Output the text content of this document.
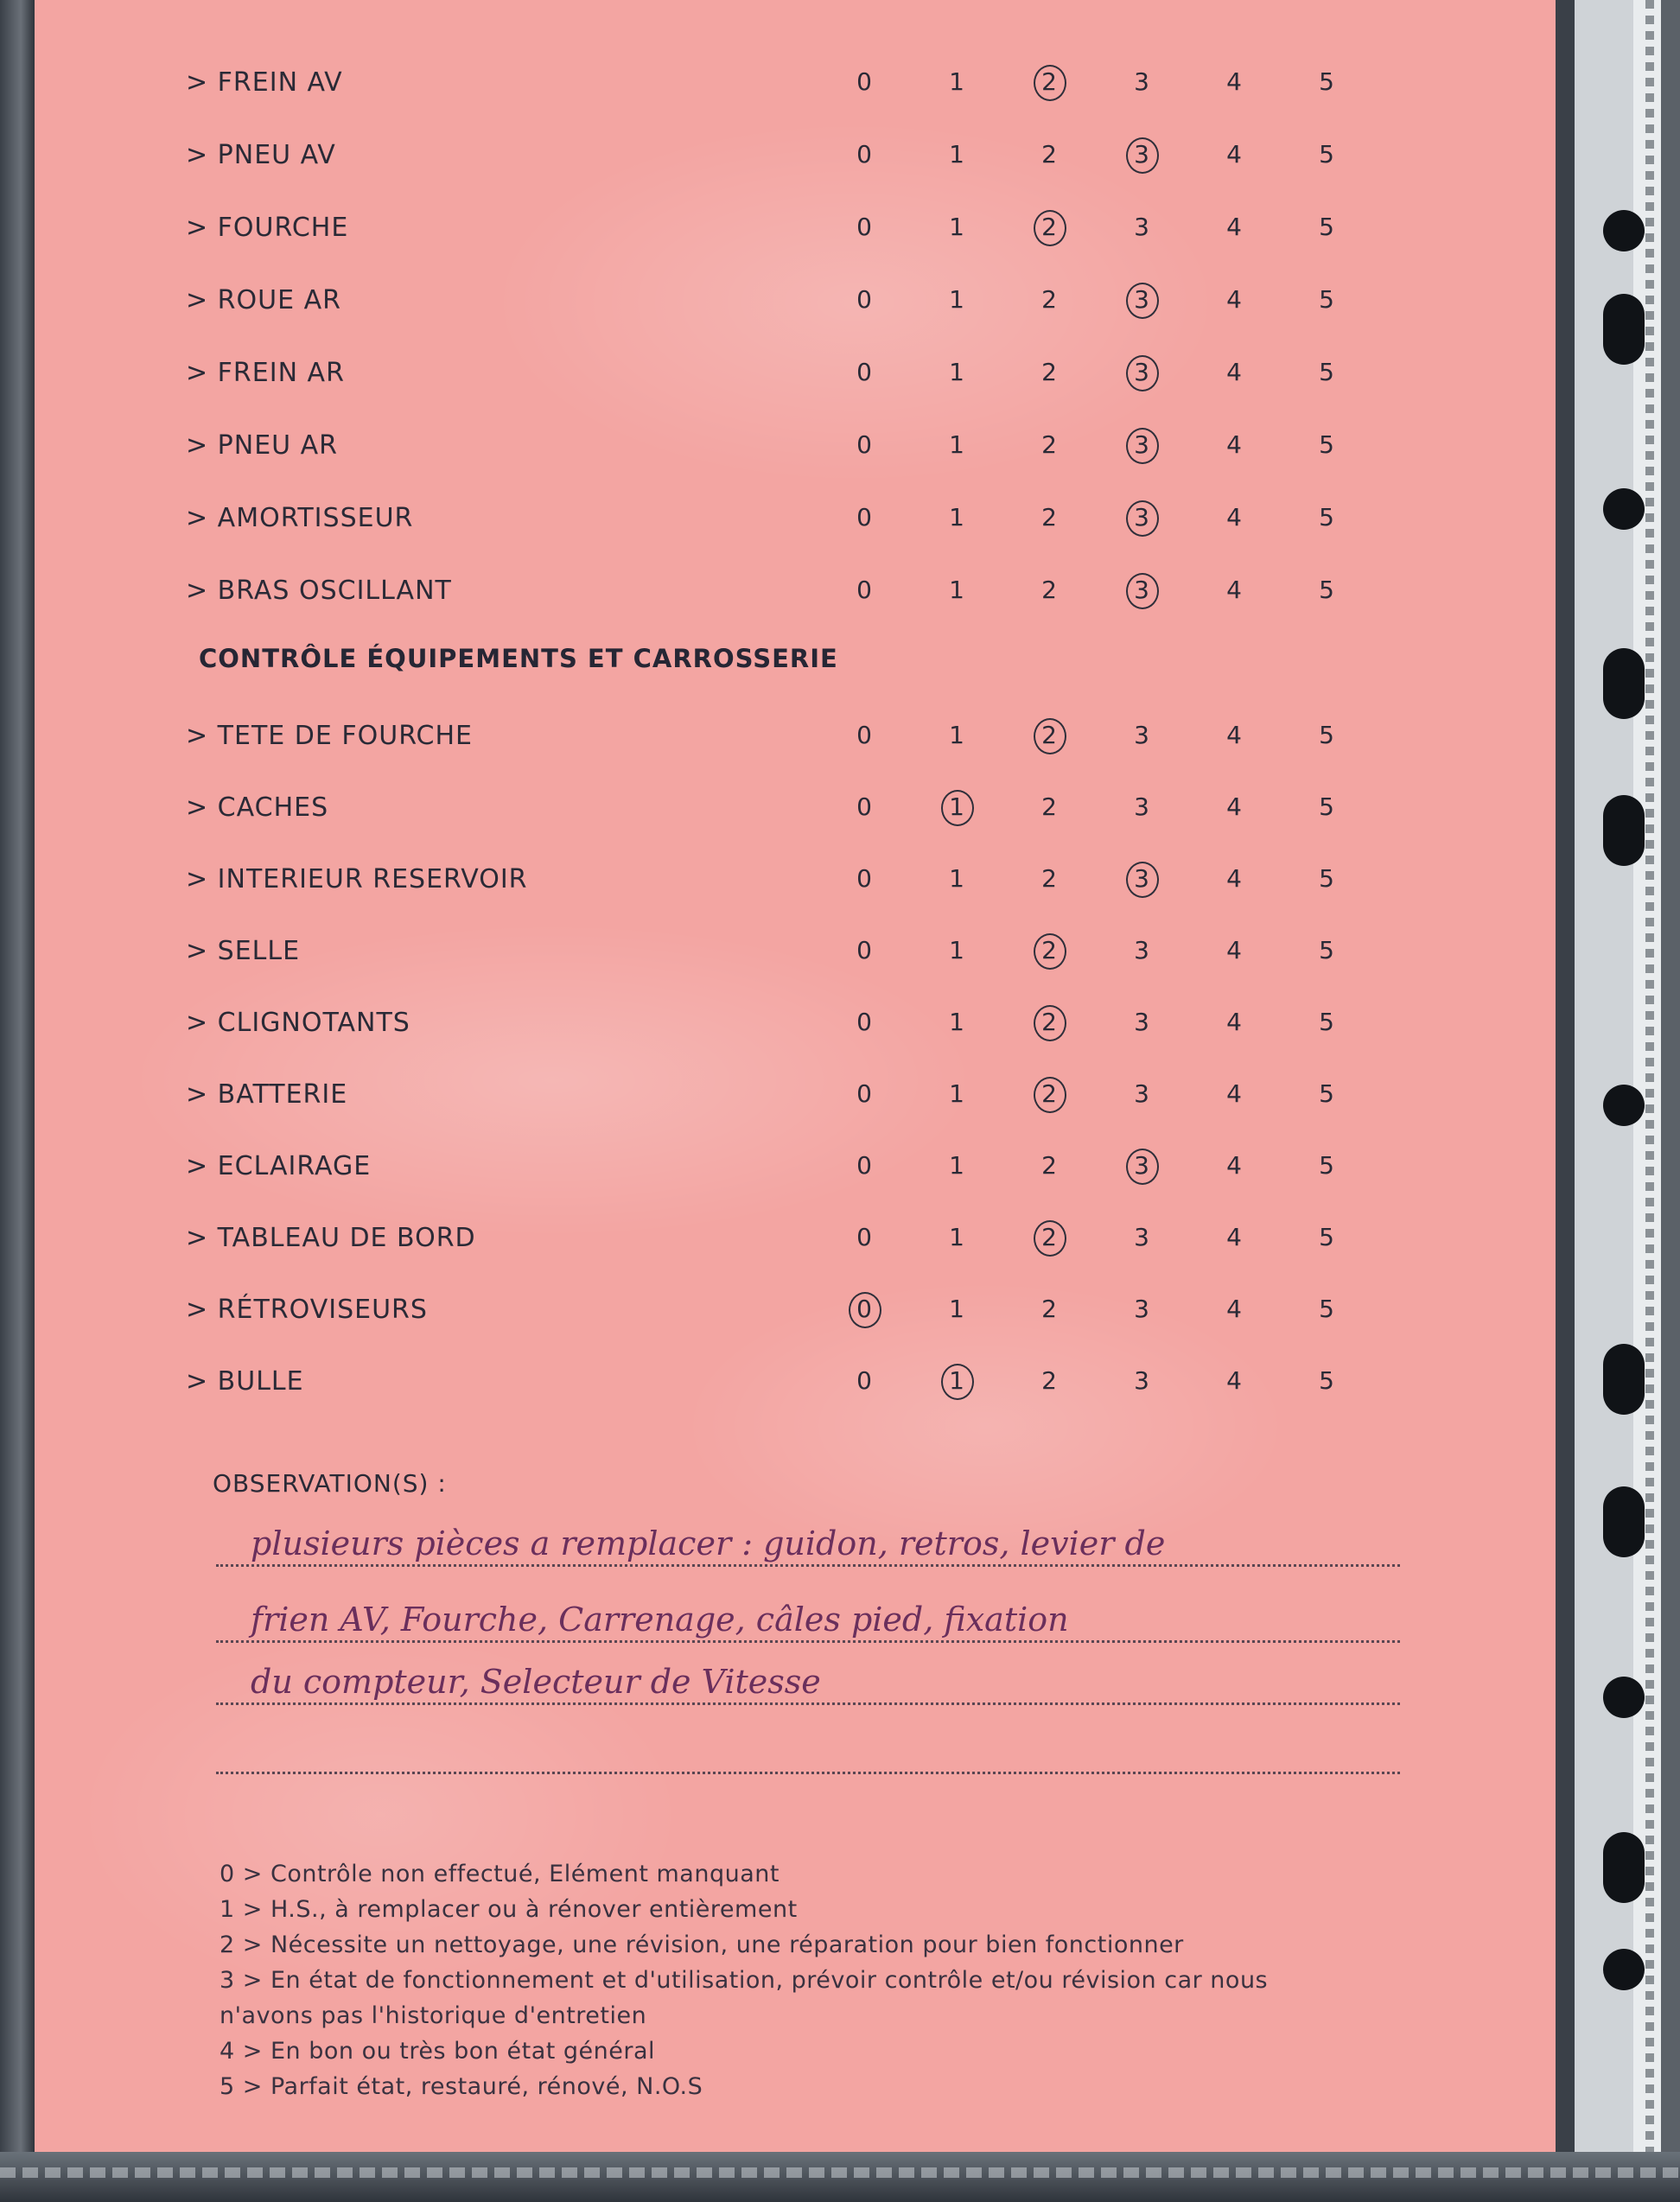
> FREIN AV	0	1	2	3	4	5
> PNEU AV	0	1	2	3	4	5
> FOURCHE	0	1	2	3	4	5
> ROUE AR	0	1	2	3	4	5
> FREIN AR	0	1	2	3	4	5
> PNEU AR	0	1	2	3	4	5
> AMORTISSEUR	0	1	2	3	4	5
> BRAS OSCILLANT	0	1	2	3	4	5
CONTRÔLE ÉQUIPEMENTS ET CARROSSERIE
> TETE DE FOURCHE	0	1	2	3	4	5
> CACHES	0	1	2	3	4	5
> INTERIEUR RESERVOIR	0	1	2	3	4	5
> SELLE	0	1	2	3	4	5
> CLIGNOTANTS	0	1	2	3	4	5
> BATTERIE	0	1	2	3	4	5
> ECLAIRAGE	0	1	2	3	4	5
> TABLEAU DE BORD	0	1	2	3	4	5
> RÉTROVISEURS	0	1	2	3	4	5
> BULLE	0	1	2	3	4	5
OBSERVATION(S) :
plusieurs pièces a remplacer : guidon, retros, levier de
frien AV, Fourche, Carrenage, câles pied, fixation
du compteur, Selecteur de Vitesse
0 > Contrôle non effectué, Elément manquant
1 > H.S., à remplacer ou à rénover entièrement
2 > Nécessite un nettoyage, une révision, une réparation pour bien fonctionner
3 > En état de fonctionnement et d'utilisation, prévoir contrôle et/ou révision car nous
n'avons pas l'historique d'entretien
4 > En bon ou très bon état général
5 > Parfait état, restauré, rénové, N.O.S
